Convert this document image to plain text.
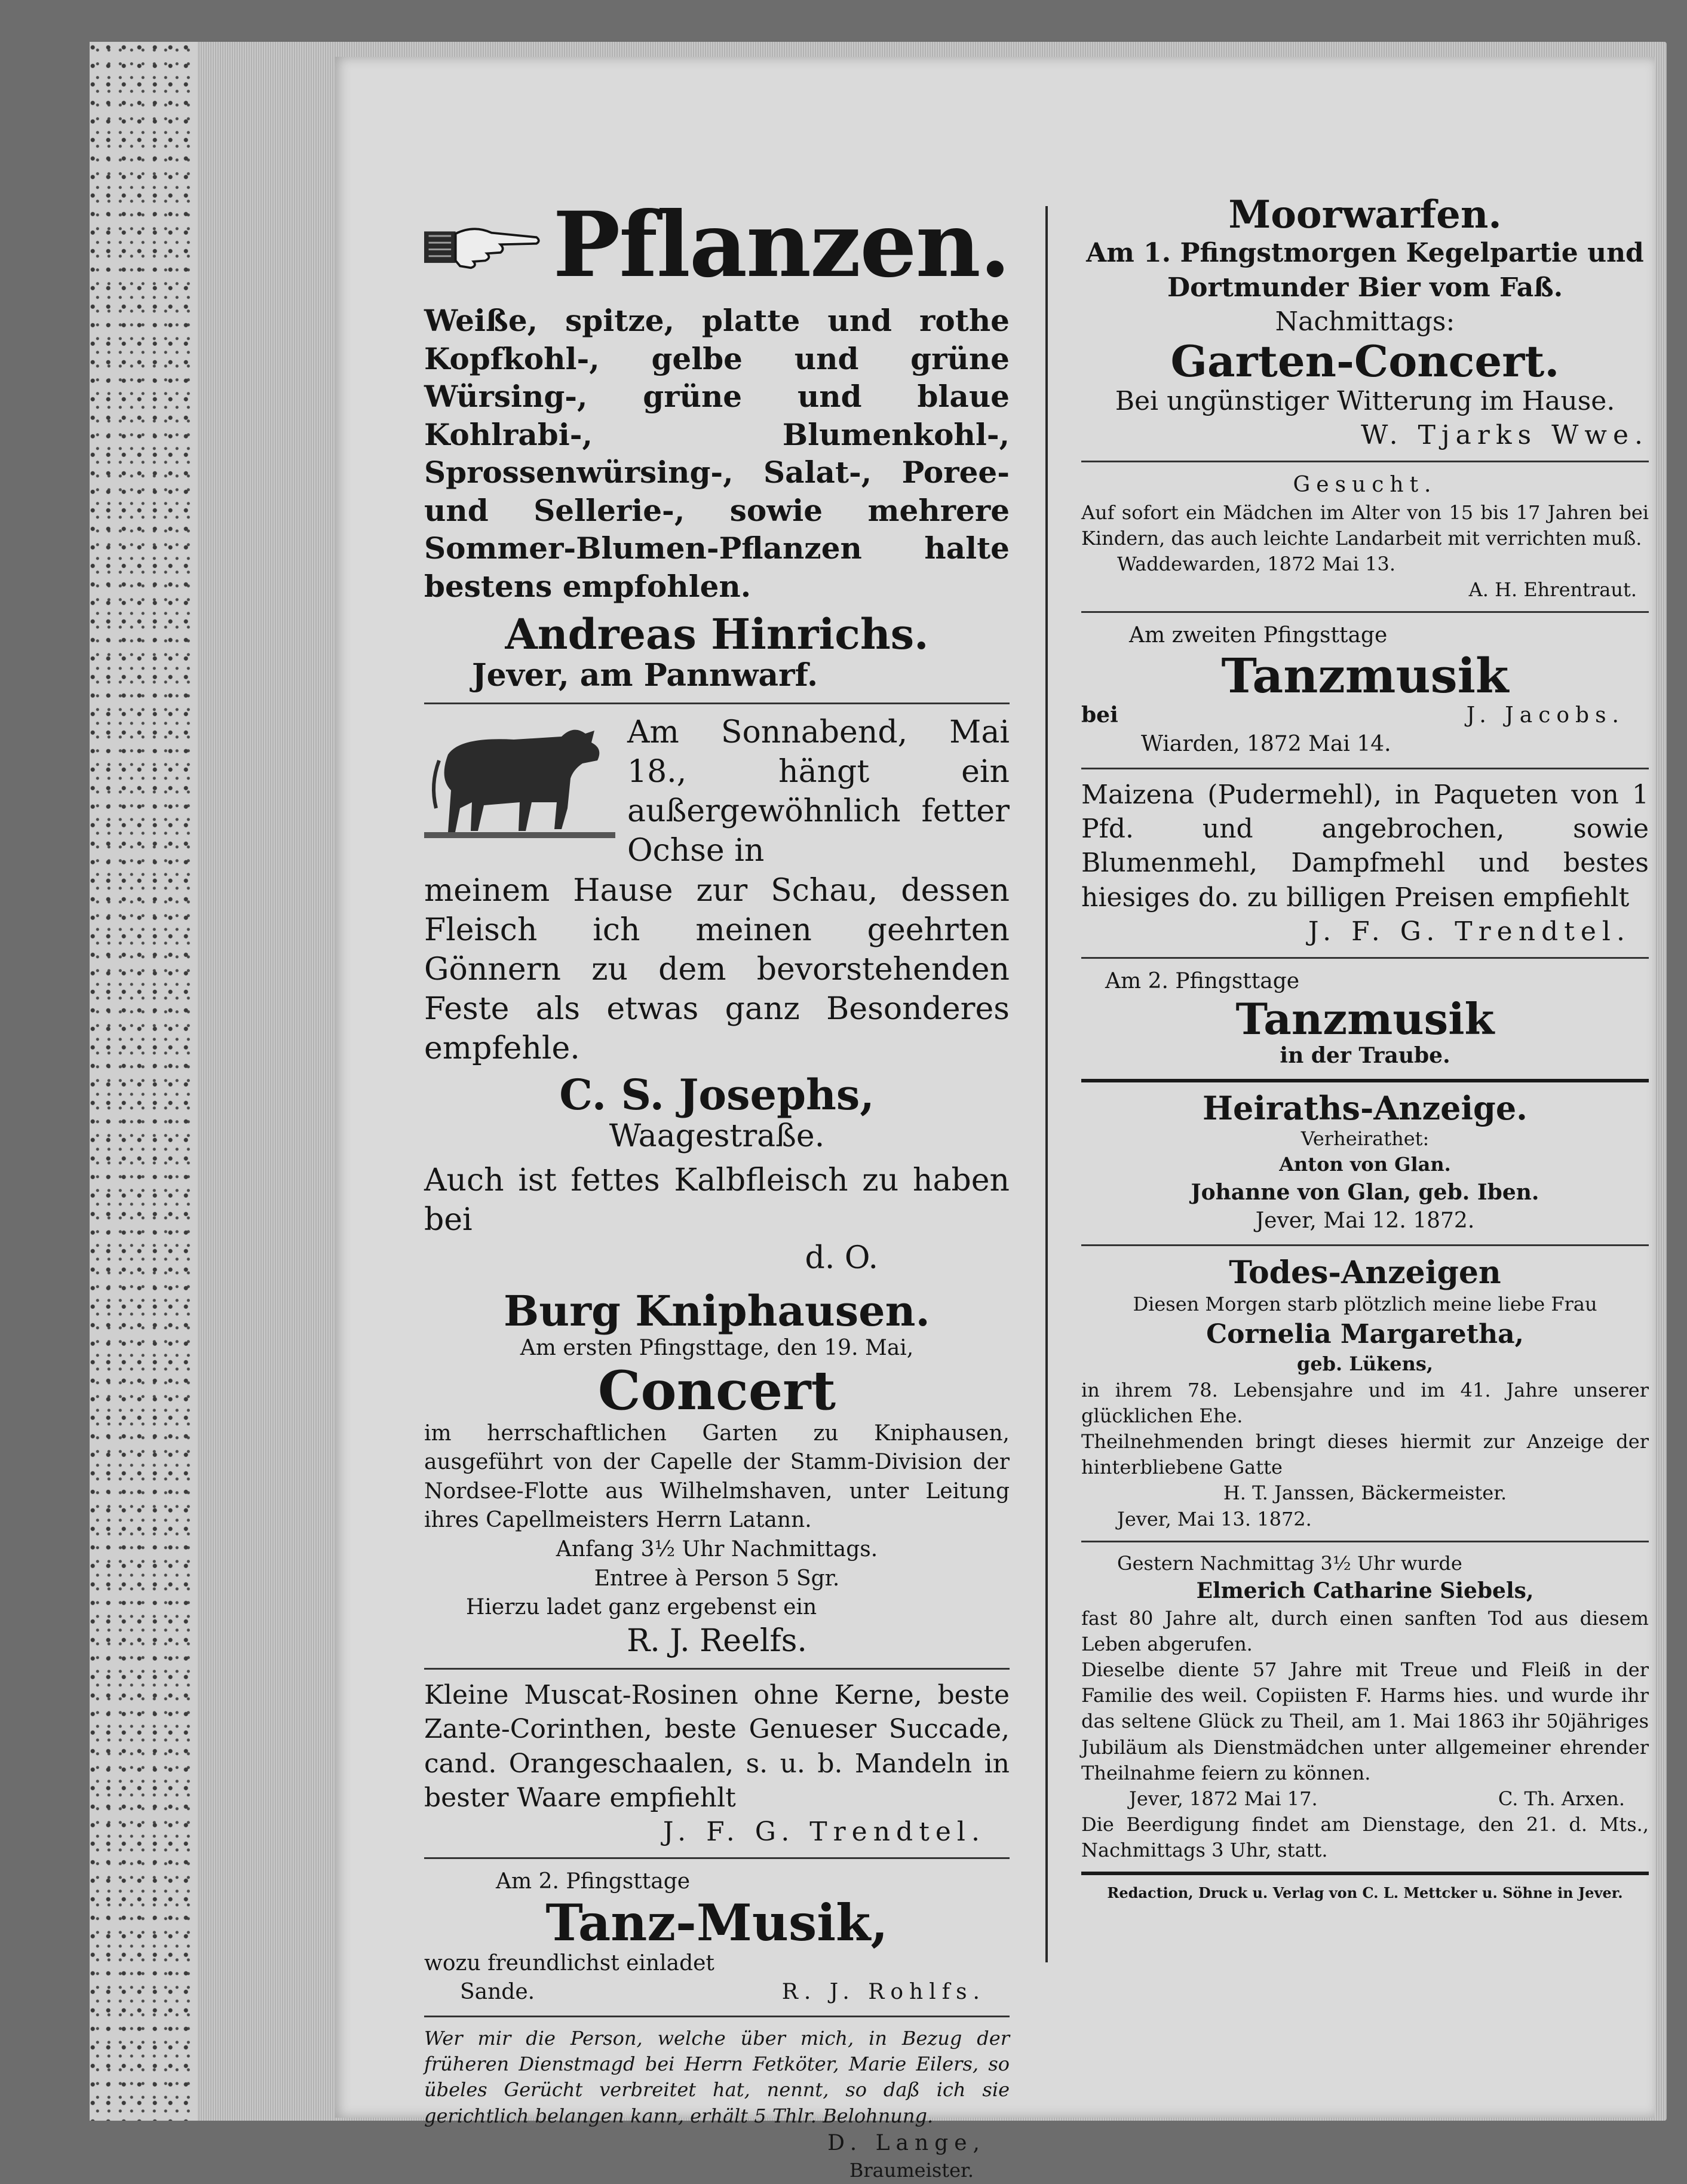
Pflanzen.
Weiße, spitze, platte und rothe Kopfkohl-, gelbe und grüne Würsing-, grüne und blaue Kohlrabi-, Blumenkohl-, Sprossenwürsing-, Salat-, Poree- und Sellerie-, sowie mehrere Sommer-Blumen-Pflanzen halte bestens empfohlen.
Andreas Hinrichs.
Jever, am Pannwarf.
Am Sonnabend, Mai 18., hängt ein außergewöhnlich fetter Ochse in
meinem Hause zur Schau, dessen Fleisch ich meinen geehrten Gönnern zu dem bevorstehenden Feste als etwas ganz Besonderes empfehle.
C. S. Josephs,
Waagestraße.
Auch ist fettes Kalbfleisch zu haben bei
d. O.
Burg Kniphausen.
Am ersten Pfingsttage, den 19. Mai,
Concert
im herrschaftlichen Garten zu Kniphausen, ausgeführt von der Capelle der Stamm-Division der Nordsee-Flotte aus Wilhelmshaven, unter Leitung ihres Capellmeisters Herrn Latann.
Anfang 3½ Uhr Nachmittags.
Entree à Person 5 Sgr.
Hierzu ladet ganz ergebenst ein
R. J. Reelfs.
Kleine Muscat-Rosinen ohne Kerne, beste Zante-Corinthen, beste Genueser Succade, cand. Orangeschaalen, s. u. b. Mandeln in bester Waare empfiehlt
J. F. G. Trendtel.
Am 2. Pfingsttage
Tanz-Musik,
wozu freundlichst einladet
Sande.	R. J. Rohlfs.
Wer mir die Person, welche über mich, in Bezug der früheren Dienstmagd bei Herrn Fetköter, Marie Eilers, so übeles Gerücht verbreitet hat, nennt, so daß ich sie gerichtlich belangen kann, erhält 5 Thlr. Belohnung.
D. Lange,
Braumeister.
Moorwarfen.
Am 1. Pfingstmorgen Kegelpartie und Dortmunder Bier vom Faß.
Nachmittags:
Garten-Concert.
Bei ungünstiger Witterung im Hause.
W. Tjarks Wwe.
Gesucht.
Auf sofort ein Mädchen im Alter von 15 bis 17 Jahren bei Kindern, das auch leichte Landarbeit mit verrichten muß.
Waddewarden, 1872 Mai 13.
A. H. Ehrentraut.
Am zweiten Pfingsttage
Tanzmusik
bei	J. Jacobs.
Wiarden, 1872 Mai 14.
Maizena (Pudermehl), in Paqueten von 1 Pfd. und angebrochen, sowie Blumenmehl, Dampfmehl und bestes hiesiges do. zu billigen Preisen empfiehlt
J. F. G. Trendtel.
Am 2. Pfingsttage
Tanzmusik
in der Traube.
Heiraths-Anzeige.
Verheirathet:
Anton von Glan.
Johanne von Glan, geb. Iben.
Jever, Mai 12. 1872.
Todes-Anzeigen
Diesen Morgen starb plötzlich meine liebe Frau
Cornelia Margaretha,
geb. Lükens,
in ihrem 78. Lebensjahre und im 41. Jahre unserer glücklichen Ehe.
Theilnehmenden bringt dieses hiermit zur Anzeige der hinterbliebene Gatte
H. T. Janssen, Bäckermeister.
Jever, Mai 13. 1872.
Gestern Nachmittag 3½ Uhr wurde
Elmerich Catharine Siebels,
fast 80 Jahre alt, durch einen sanften Tod aus diesem Leben abgerufen.
Dieselbe diente 57 Jahre mit Treue und Fleiß in der Familie des weil. Copiisten F. Harms hies. und wurde ihr das seltene Glück zu Theil, am 1. Mai 1863 ihr 50jähriges Jubiläum als Dienstmädchen unter allgemeiner ehrender Theilnahme feiern zu können.
Jever, 1872 Mai 17.	C. Th. Arxen.
Die Beerdigung findet am Dienstage, den 21. d. Mts., Nachmittags 3 Uhr, statt.
Redaction, Druck u. Verlag von C. L. Mettcker u. Söhne in Jever.
